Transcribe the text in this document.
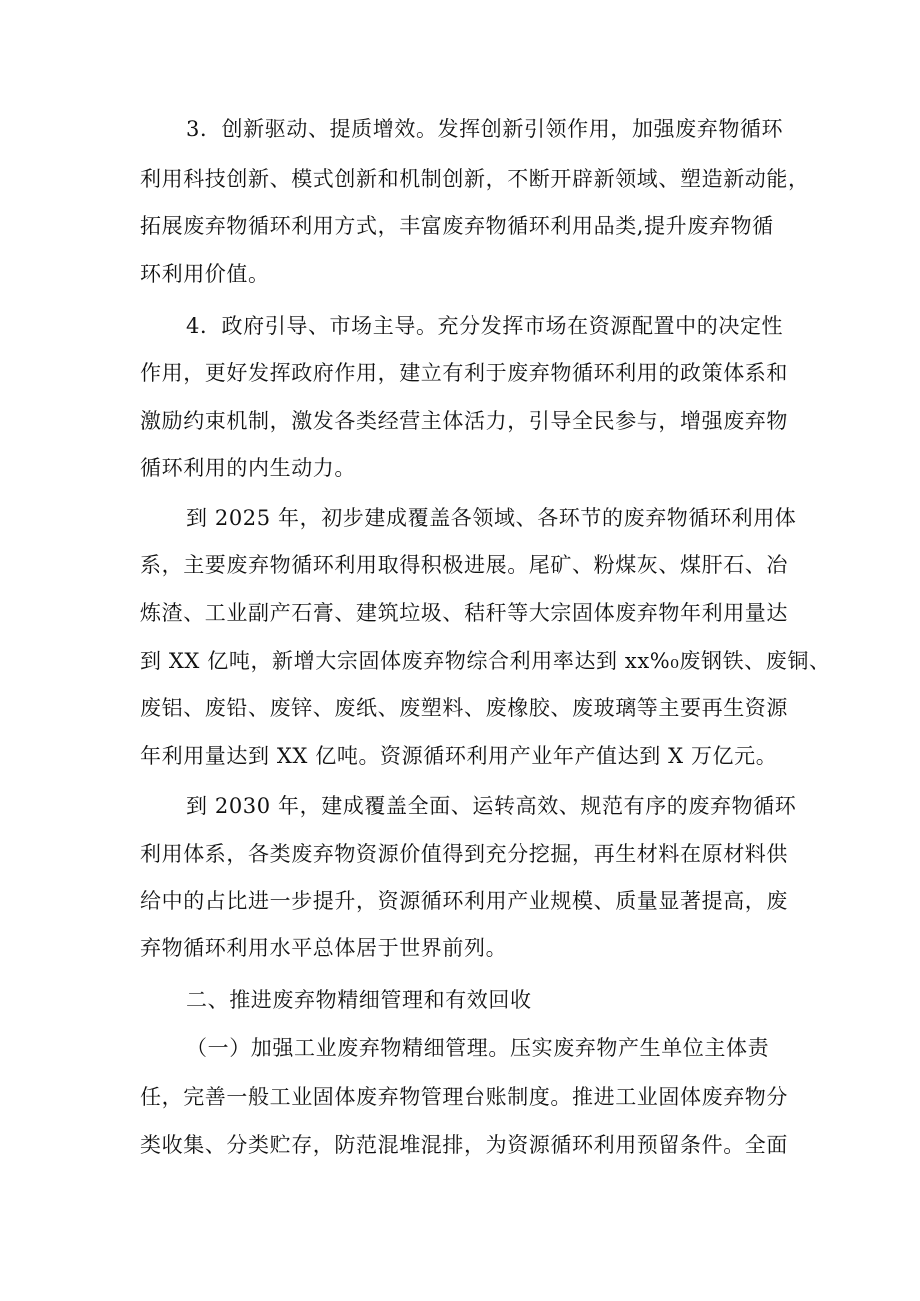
3．创新驱动、提质增效。发挥创新引领作用，加强废弃物循环

利用科技创新、模式创新和机制创新，不断开辟新领域、塑造新动能，

拓展废弃物循环利用方式，丰富废弃物循环利用品类,提升废弃物循

环利用价值。

4．政府引导、市场主导。充分发挥市场在资源配置中的决定性

作用，更好发挥政府作用，建立有利于废弃物循环利用的政策体系和

激励约束机制，激发各类经营主体活力，引导全民参与，增强废弃物

循环利用的内生动力。

到 2025 年，初步建成覆盖各领域、各环节的废弃物循环利用体

系，主要废弃物循环利用取得积极进展。尾矿、粉煤灰、煤肝石、冶

炼渣、工业副产石膏、建筑垃圾、秸秆等大宗固体废弃物年利用量达

到 XX 亿吨，新增大宗固体废弃物综合利用率达到 xx%₀废钢铁、废铜、

废铝、废铅、废锌、废纸、废塑料、废橡胶、废玻璃等主要再生资源

年利用量达到 XX 亿吨。资源循环利用产业年产值达到 X 万亿元。

到 2030 年，建成覆盖全面、运转高效、规范有序的废弃物循环

利用体系，各类废弃物资源价值得到充分挖掘，再生材料在原材料供

给中的占比进一步提升，资源循环利用产业规模、质量显著提高，废

弃物循环利用水平总体居于世界前列。

二、推进废弃物精细管理和有效回收

（一）加强工业废弃物精细管理。压实废弃物产生单位主体责

任，完善一般工业固体废弃物管理台账制度。推进工业固体废弃物分

类收集、分类贮存，防范混堆混排，为资源循环利用预留条件。全面
